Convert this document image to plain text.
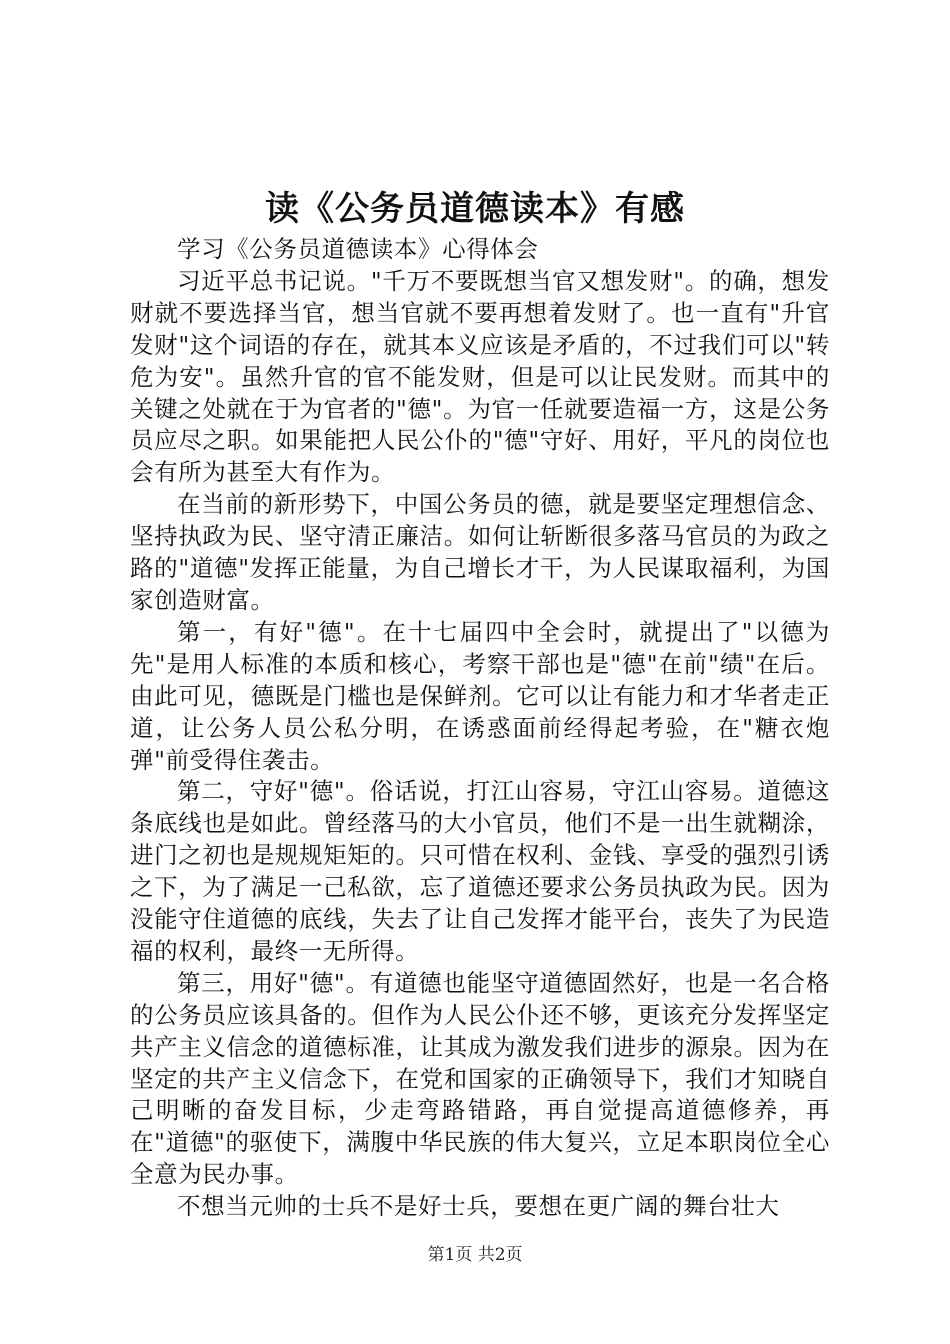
读《公务员道德读本》有感

学习《公务员道德读本》心得体会

习近平总书记说。"千万不要既想当官又想发财"。的确，想发财就不要选择当官，想当官就不要再想着发财了。也一直有"升官发财"这个词语的存在，就其本义应该是矛盾的，不过我们可以"转危为安"。虽然升官的官不能发财，但是可以让民发财。而其中的关键之处就在于为官者的"德"。为官一任就要造福一方，这是公务员应尽之职。如果能把人民公仆的"德"守好、用好，平凡的岗位也会有所为甚至大有作为。

在当前的新形势下，中国公务员的德，就是要坚定理想信念、坚持执政为民、坚守清正廉洁。如何让斩断很多落马官员的为政之路的"道德"发挥正能量，为自己增长才干，为人民谋取福利，为国家创造财富。

第一，有好"德"。在十七届四中全会时，就提出了"以德为先"是用人标准的本质和核心，考察干部也是"德"在前"绩"在后。由此可见，德既是门槛也是保鲜剂。它可以让有能力和才华者走正道，让公务人员公私分明，在诱惑面前经得起考验，在"糖衣炮弹"前受得住袭击。

第二，守好"德"。俗话说，打江山容易，守江山容易。道德这条底线也是如此。曾经落马的大小官员，他们不是一出生就糊涂，进门之初也是规规矩矩的。只可惜在权利、金钱、享受的强烈引诱之下，为了满足一己私欲，忘了道德还要求公务员执政为民。因为没能守住道德的底线，失去了让自己发挥才能平台，丧失了为民造福的权利，最终一无所得。

第三，用好"德"。有道德也能坚守道德固然好，也是一名合格的公务员应该具备的。但作为人民公仆还不够，更该充分发挥坚定共产主义信念的道德标准，让其成为激发我们进步的源泉。因为在坚定的共产主义信念下，在党和国家的正确领导下，我们才知晓自己明晰的奋发目标，少走弯路错路，再自觉提高道德修养，再在"道德"的驱使下，满腹中华民族的伟大复兴，立足本职岗位全心全意为民办事。

不想当元帅的士兵不是好士兵，要想在更广阔的舞台壮大

第1页 共2页
